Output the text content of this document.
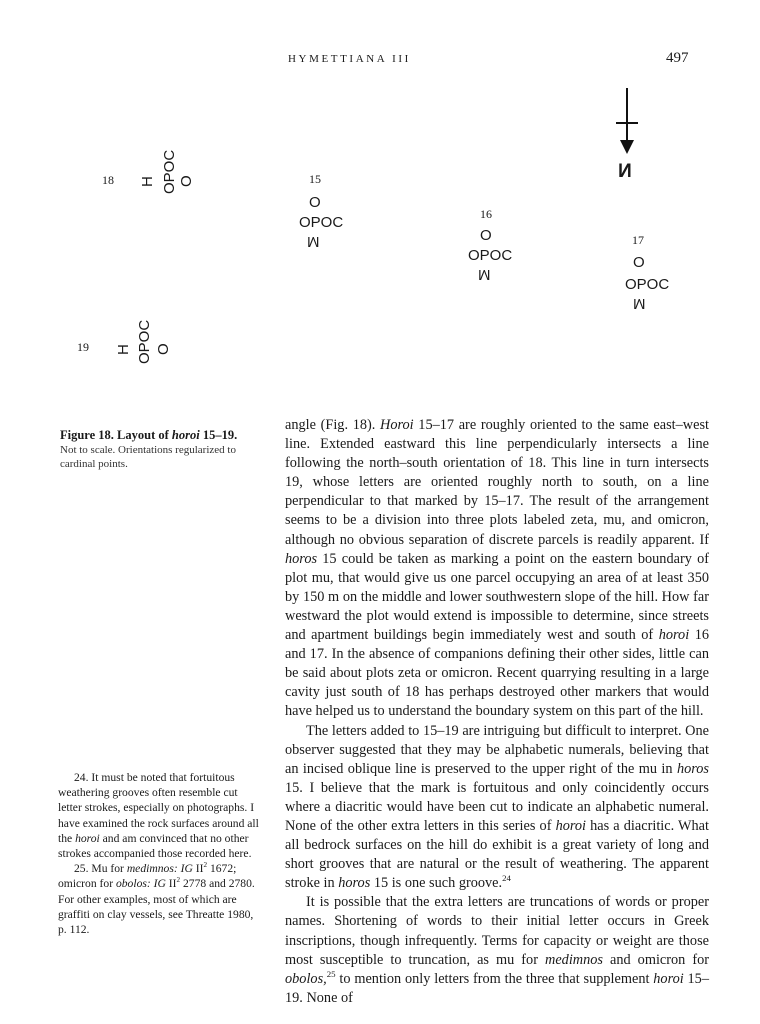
HYMETTIANA III	497
N
18 H OPOC O	15
O
OPOC
M
16
O
OPOC
M
17
O
OPOC
M
19 H OPOC O
Figure 18. Layout of horoi 15–19.
Not to scale. Orientations regularized to cardinal points.

angle (Fig. 18). Horoi 15–17 are roughly oriented to the same east–west line. Extended eastward this line perpendicularly intersects a line following the north–south orientation of 18. This line in turn intersects 19, whose letters are oriented roughly north to south, on a line perpendicular to that marked by 15–17. The result of the arrangement seems to be a division into three plots labeled zeta, mu, and omicron, although no obvious separation of discrete parcels is readily apparent. If horos 15 could be taken as marking a point on the eastern boundary of plot mu, that would give us one parcel occupying an area of at least 350 by 150 m on the middle and lower southwestern slope of the hill. How far westward the plot would extend is impossible to determine, since streets and apartment buildings begin immediately west and south of horoi 16 and 17. In the absence of companions defining their other sides, little can be said about plots zeta or omicron. Recent quarrying resulting in a large cavity just south of 18 has perhaps destroyed other markers that would have helped us to understand the boundary system on this part of the hill.

The letters added to 15–19 are intriguing but difficult to interpret. One observer suggested that they may be alphabetic numerals, believing that an incised oblique line is preserved to the upper right of the mu in horos 15. I believe that the mark is fortuitous and only coincidently occurs where a diacritic would have been cut to indicate an alphabetic numeral. None of the other extra letters in this series of horoi has a diacritic. What all bedrock surfaces on the hill do exhibit is a great variety of long and short grooves that are natural or the result of weathering. The apparent stroke in horos 15 is one such groove.$^{24}$

It is possible that the extra letters are truncations of words or proper names. Shortening of words to their initial letter occurs in Greek inscriptions, though infrequently. Terms for capacity or weight are those most susceptible to truncation, as mu for medimnos and omicron for obolos,$^{25}$ to mention only letters from the three that supplement horoi 15–19. None of

24. It must be noted that fortuitous weathering grooves often resemble cut letter strokes, especially on photographs. I have examined the rock surfaces around all the horoi and am convinced that no other strokes accompanied those recorded here.

25. Mu for medimnos: IG $II^2$ 1672; omicron for obolos: IG $II^2$ 2778 and 2780. For other examples, most of which are graffiti on clay vessels, see Threatte 1980, p. 112.
